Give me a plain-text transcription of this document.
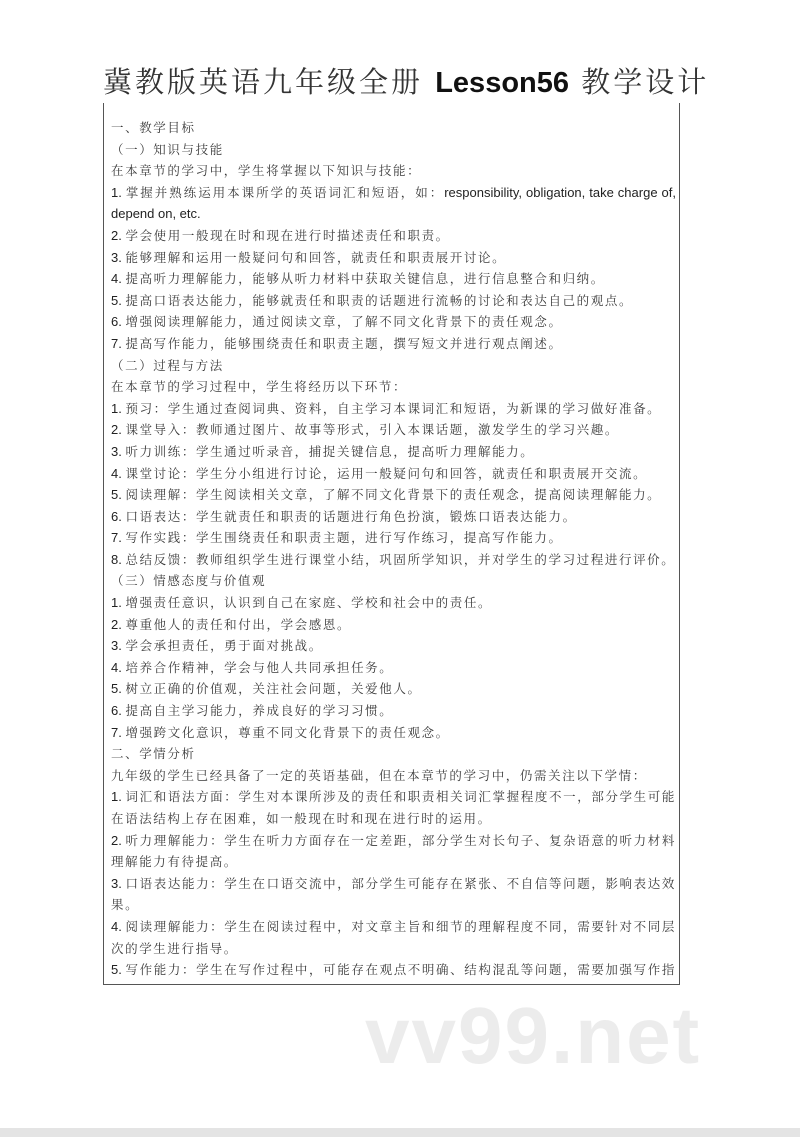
一、教学目标

（一）知识与技能

在本章节的学习中，学生将掌握以下知识与技能：

1. 掌握并熟练运用本课所学的英语词汇和短语，如：responsibility, obligation, take charge of, depend on, etc.

2. 学会使用一般现在时和现在进行时描述责任和职责。

3. 能够理解和运用一般疑问句和回答，就责任和职责展开讨论。

4. 提高听力理解能力，能够从听力材料中获取关键信息，进行信息整合和归纳。

5. 提高口语表达能力，能够就责任和职责的话题进行流畅的讨论和表达自己的观点。

6. 增强阅读理解能力，通过阅读文章，了解不同文化背景下的责任观念。

7. 提高写作能力，能够围绕责任和职责主题，撰写短文并进行观点阐述。

（二）过程与方法

在本章节的学习过程中，学生将经历以下环节：

1. 预习：学生通过查阅词典、资料，自主学习本课词汇和短语，为新课的学习做好准备。

2. 课堂导入：教师通过图片、故事等形式，引入本课话题，激发学生的学习兴趣。

3. 听力训练：学生通过听录音，捕捉关键信息，提高听力理解能力。

4. 课堂讨论：学生分小组进行讨论，运用一般疑问句和回答，就责任和职责展开交流。

5. 阅读理解：学生阅读相关文章，了解不同文化背景下的责任观念，提高阅读理解能力。

6. 口语表达：学生就责任和职责的话题进行角色扮演，锻炼口语表达能力。

7. 写作实践：学生围绕责任和职责主题，进行写作练习，提高写作能力。

8. 总结反馈：教师组织学生进行课堂小结，巩固所学知识，并对学生的学习过程进行评价。

（三）情感态度与价值观

1. 增强责任意识，认识到自己在家庭、学校和社会中的责任。

2. 尊重他人的责任和付出，学会感恩。

3. 学会承担责任，勇于面对挑战。

4. 培养合作精神，学会与他人共同承担任务。

5. 树立正确的价值观，关注社会问题，关爱他人。

6. 提高自主学习能力，养成良好的学习习惯。

7. 增强跨文化意识，尊重不同文化背景下的责任观念。

二、学情分析

九年级的学生已经具备了一定的英语基础，但在本章节的学习中，仍需关注以下学情：

1. 词汇和语法方面：学生对本课所涉及的责任和职责相关词汇掌握程度不一，部分学生可能在语法结构上存在困难，如一般现在时和现在进行时的运用。

2. 听力理解能力：学生在听力方面存在一定差距，部分学生对长句子、复杂语意的听力材料理解能力有待提高。

3. 口语表达能力：学生在口语交流中，部分学生可能存在紧张、不自信等问题，影响表达效果。

4. 阅读理解能力：学生在阅读过程中，对文章主旨和细节的理解程度不同，需要针对不同层次的学生进行指导。

5. 写作能力：学生在写作过程中，可能存在观点不明确、结构混乱等问题，需要加强写作指

冀教版英语九年级全册 Lesson56 教学设计
vv99.net
